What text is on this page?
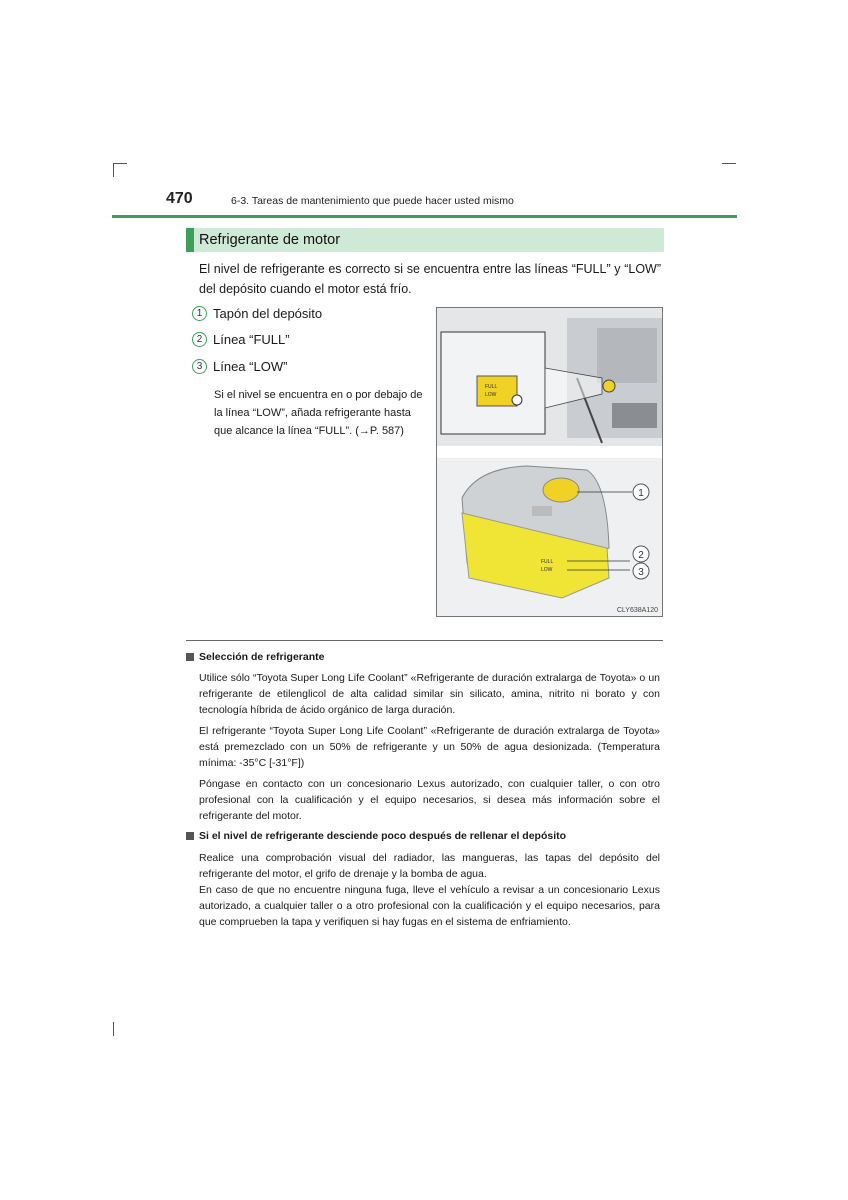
470	6-3. Tareas de mantenimiento que puede hacer usted mismo
Refrigerante de motor
El nivel de refrigerante es correcto si se encuentra entre las líneas “FULL” y “LOW” del depósito cuando el motor está frío.
1 Tapón del depósito
2 Línea “FULL”
3 Línea “LOW”
Si el nivel se encuentra en o por debajo de la línea “LOW”, añada refrigerante hasta que alcance la línea “FULL”. (→P. 587)
FULL
LOW
FULL
LOW
1
2
3
CLY638A120
Selección de refrigerante
Utilice sólo “Toyota Super Long Life Coolant” «Refrigerante de duración extralarga de Toyota» o un refrigerante de etilenglicol de alta calidad similar sin silicato, amina, nitrito ni borato y con tecnología híbrida de ácido orgánico de larga duración.
El refrigerante “Toyota Super Long Life Coolant” «Refrigerante de duración extralarga de Toyota» está premezclado con un 50% de refrigerante y un 50% de agua desionizada. (Temperatura mínima: -35°C [-31°F])
Póngase en contacto con un concesionario Lexus autorizado, con cualquier taller, o con otro profesional con la cualificación y el equipo necesarios, si desea más información sobre el refrigerante del motor.
Si el nivel de refrigerante desciende poco después de rellenar el depósito
Realice una comprobación visual del radiador, las mangueras, las tapas del depósito del refrigerante del motor, el grifo de drenaje y la bomba de agua.
En caso de que no encuentre ninguna fuga, lleve el vehículo a revisar a un concesionario Lexus autorizado, a cualquier taller o a otro profesional con la cualificación y el equipo necesarios, para que comprueben la tapa y verifiquen si hay fugas en el sistema de enfriamiento.
